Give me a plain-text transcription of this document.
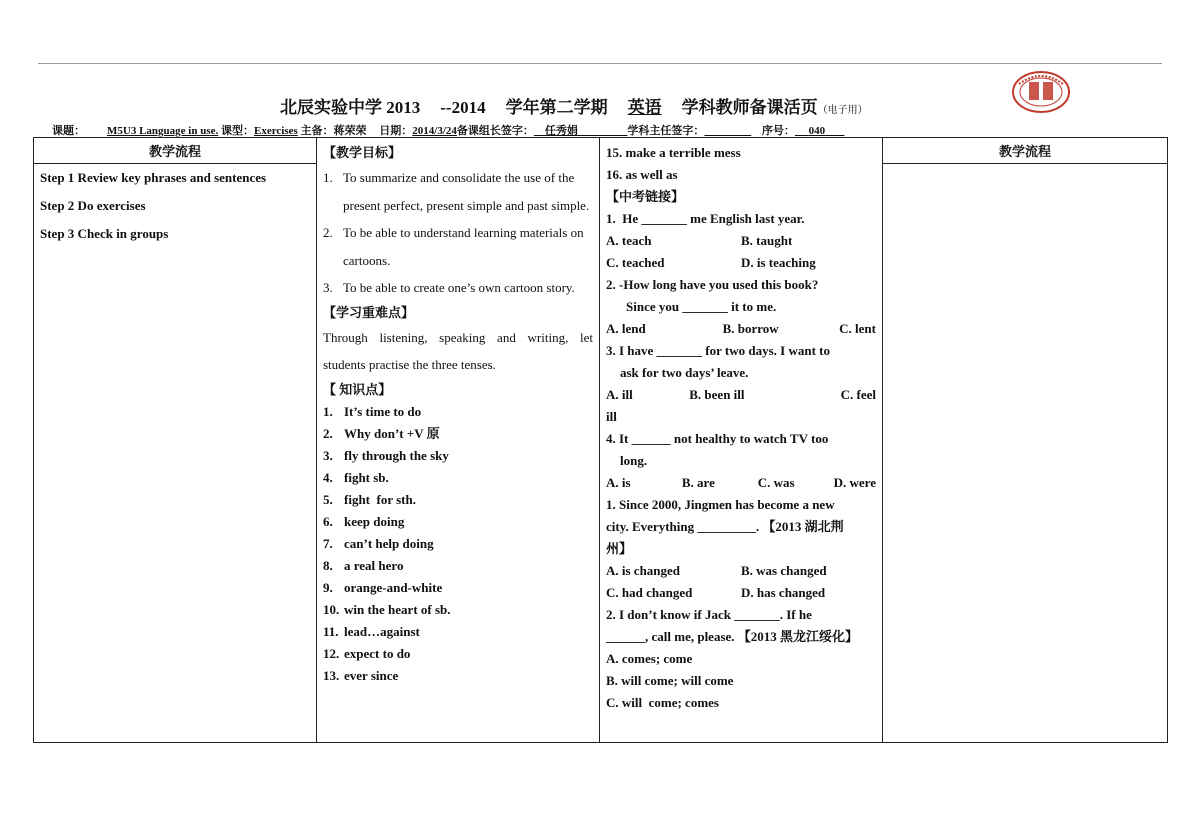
北辰实验中学 2013 --2014 学年第二学期 英语 学科教师备课活页（电子用）
课题： M5U3 Language in use. 课型：Exercises 主备：蒋荣荣 日期：2014/3/24备课组长签字： 任秀娟	学科主任签字：	序号： 040
教学流程
Step 1 Review key phrases and sentences
Step 2 Do exercises
Step 3 Check in groups

【教学目标】
1. To summarize and consolidate the use of the present perfect, present simple and past simple.
2. To be able to understand learning materials on cartoons.
3. To be able to create one’s own cartoon story.
【学习重难点】
Through listening, speaking and writing, let students practise the three tenses.
【 知识点】
1. It’s time to do
2. Why don’t +V 原
3. fly through the sky
4. fight sb.
5. fight  for sth.
6. keep doing
7. can’t help doing
8. a real hero
9. orange-and-white
10. win the heart of sb.
11. lead…against
12. expect to do
13. ever since

15. make a terrible mess
16. as well as
【中考链接】
1.  He _______ me English last year.
A. teach	B. taught
C. teached	D. is teaching
2. -How long have you used this book?
Since you _______ it to me.
A. lend	B. borrow	C. lent
3. I have _______ for two days. I want to
ask for two days’ leave.
A. ill	B. been ill	C. feel
ill
4. It ______ not healthy to watch TV too
long.
A. is	B. are	C. was	D. were
1. Since 2000, Jingmen has become a new
city. Everything _________. 【2013 湖北荆
州】
A. is changed	B. was changed
C. had changed	D. has changed
2. I don’t know if Jack _______. If he
______, call me, please. 【2013 黑龙江绥化】
A. comes; come
B. will come; will come
C. will  come; comes

教学流程
